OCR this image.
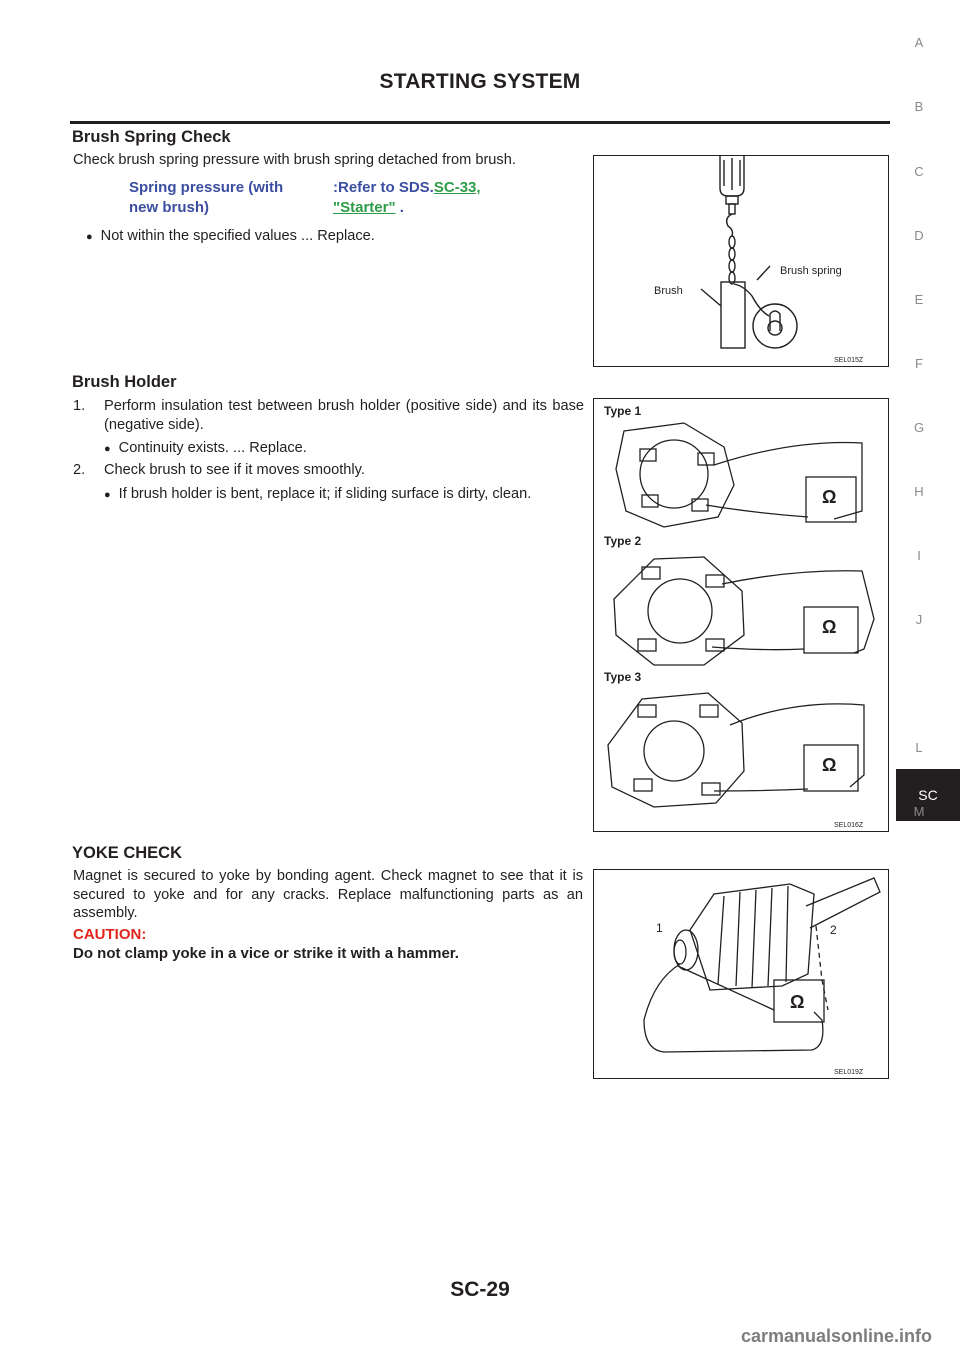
STARTING SYSTEM
Brush Spring Check
Check brush spring pressure with brush spring detached from brush.
Spring pressure (with
new brush)
:Refer to SDS.SC-33,
"Starter" .
● Not within the specified values ... Replace.
Brush
Brush spring
SEL015Z
Brush Holder
1.	Perform insulation test between brush holder (positive side) and its base (negative side).
● Continuity exists. ... Replace.
2.	Check brush to see if it moves smoothly.
● If brush holder is bent, replace it; if sliding surface is dirty, clean.
Type 1
Type 2
Type 3
Ω
Ω
Ω
SEL016Z
YOKE CHECK
Magnet is secured to yoke by bonding agent. Check magnet to see that it is secured to yoke and for any cracks. Replace malfunctioning parts as an assembly.
CAUTION:
Do not clamp yoke in a vice or strike it with a hammer.
1	2
Ω
SEL019Z
A
B
C
D
E
F
G
H
I
J
SC
L
M
SC-29
carmanualsonline.info
